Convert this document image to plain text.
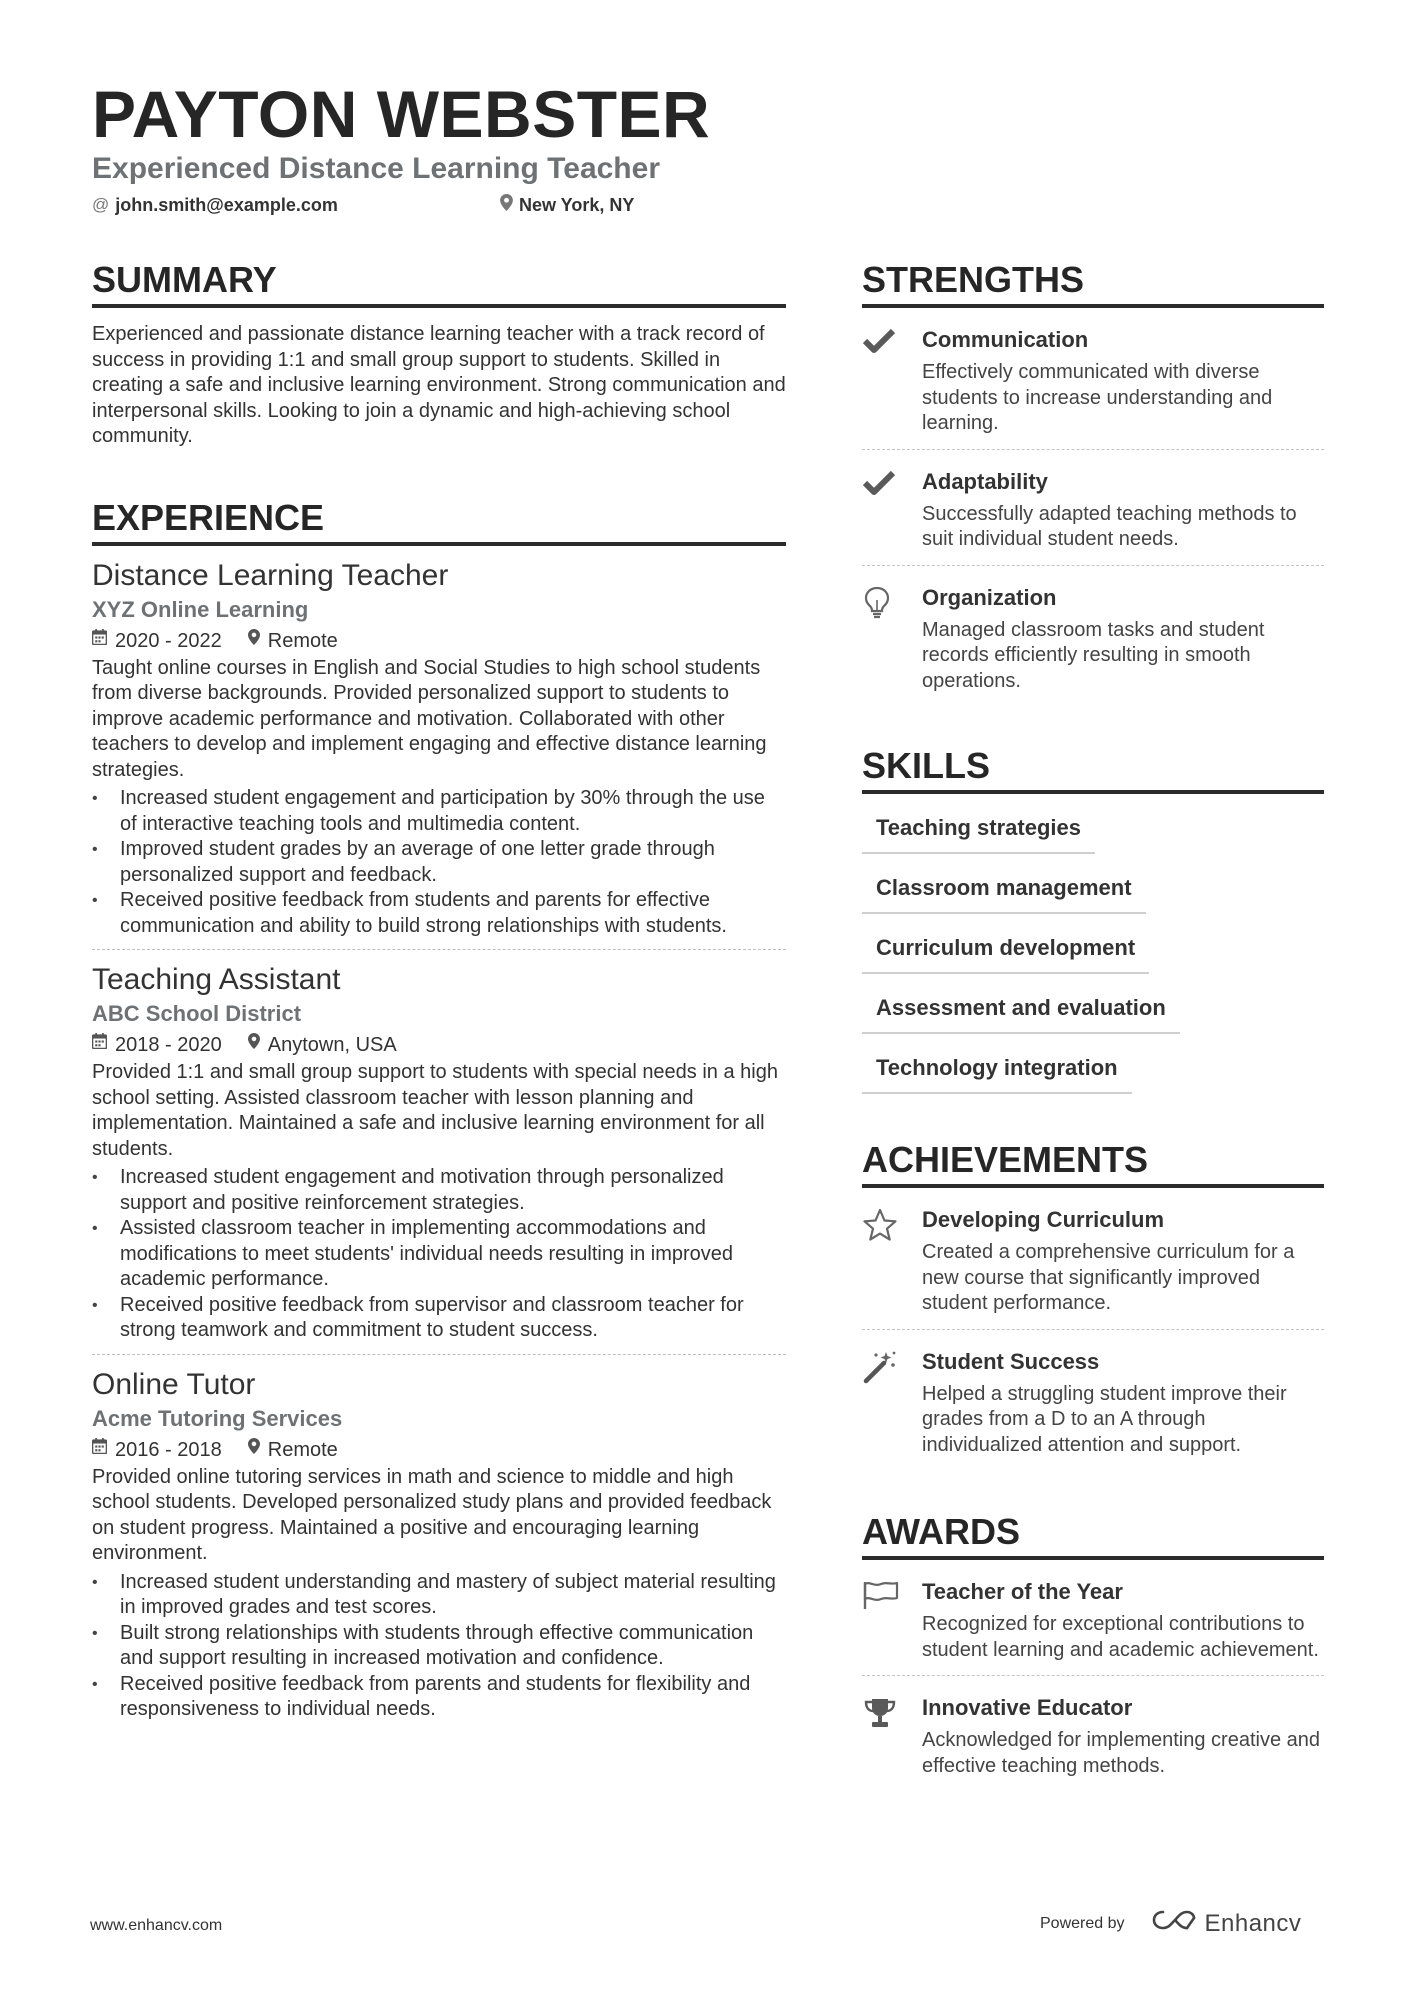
PAYTON WEBSTER
Experienced Distance Learning Teacher
@ john.smith@example.com	New York, NY
SUMMARY

Experienced and passionate distance learning teacher with a track record of success in providing 1:1 and small group support to students. Skilled in creating a safe and inclusive learning environment. Strong communication and interpersonal skills. Looking to join a dynamic and high-achieving school community.

EXPERIENCE
Distance Learning Teacher
XYZ Online Learning
2020 - 2022 Remote

Taught online courses in English and Social Studies to high school students from diverse backgrounds. Provided personalized support to students to improve academic performance and motivation. Collaborated with other teachers to develop and implement engaging and effective distance learning strategies.

• Increased student engagement and participation by 30% through the use of interactive teaching tools and multimedia content.
• Improved student grades by an average of one letter grade through personalized support and feedback.
• Received positive feedback from students and parents for effective communication and ability to build strong relationships with students.
Teaching Assistant
ABC School District
2018 - 2020 Anytown, USA

Provided 1:1 and small group support to students with special needs in a high school setting. Assisted classroom teacher with lesson planning and implementation. Maintained a safe and inclusive learning environment for all students.

• Increased student engagement and motivation through personalized support and positive reinforcement strategies.
• Assisted classroom teacher in implementing accommodations and modifications to meet students' individual needs resulting in improved academic performance.
• Received positive feedback from supervisor and classroom teacher for strong teamwork and commitment to student success.
Online Tutor
Acme Tutoring Services
2016 - 2018 Remote

Provided online tutoring services in math and science to middle and high school students. Developed personalized study plans and provided feedback on student progress. Maintained a positive and encouraging learning environment.

• Increased student understanding and mastery of subject material resulting in improved grades and test scores.
• Built strong relationships with students through effective communication and support resulting in increased motivation and confidence.
• Received positive feedback from parents and students for flexibility and responsiveness to individual needs.
STRENGTHS
Communication
Effectively communicated with diverse students to increase understanding and learning.
Adaptability
Successfully adapted teaching methods to suit individual student needs.
Organization
Managed classroom tasks and student records efficiently resulting in smooth operations.
SKILLS
Teaching strategies
Classroom management
Curriculum development
Assessment and evaluation
Technology integration
ACHIEVEMENTS
Developing Curriculum
Created a comprehensive curriculum for a new course that significantly improved student performance.
Student Success
Helped a struggling student improve their grades from a D to an A through individualized attention and support.
AWARDS
Teacher of the Year
Recognized for exceptional contributions to student learning and academic achievement.
Innovative Educator
Acknowledged for implementing creative and effective teaching methods.
www.enhancv.com	Powered by	Enhancv
